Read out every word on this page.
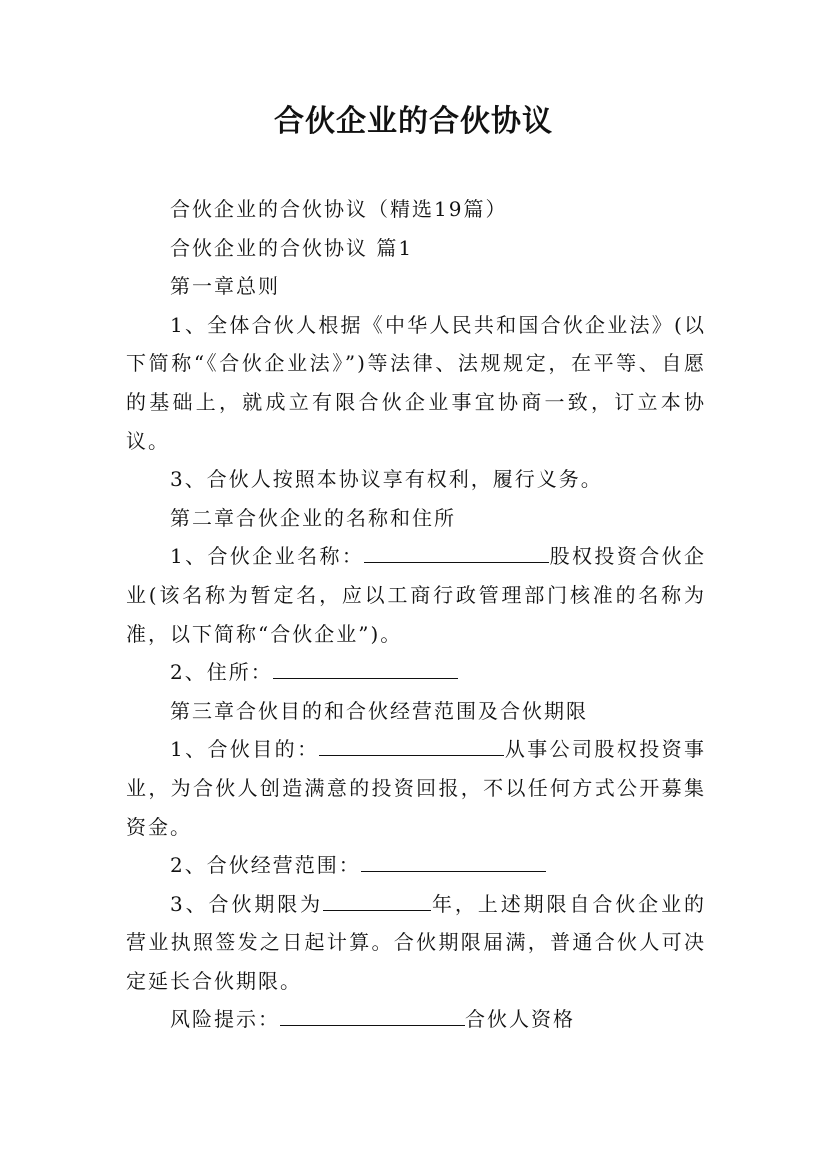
合伙企业的合伙协议

合伙企业的合伙协议（精选19篇）

合伙企业的合伙协议 篇1

第一章总则

1、全体合伙人根据《中华人民共和国合伙企业法》(以下简称“《合伙企业法》”)等法律、法规规定，在平等、自愿的基础上，就成立有限合伙企业事宜协商一致，订立本协议。

3、合伙人按照本协议享有权利，履行义务。

第二章合伙企业的名称和住所

1、合伙企业名称：	股权投资合伙企业(该名称为暂定名，应以工商行政管理部门核准的名称为准，以下简称“合伙企业”)。

2、住所：

第三章合伙目的和合伙经营范围及合伙期限

1、合伙目的：	从事公司股权投资事业，为合伙人创造满意的投资回报，不以任何方式公开募集资金。

2、合伙经营范围：

3、合伙期限为	年，上述期限自合伙企业的营业执照签发之日起计算。合伙期限届满，普通合伙人可决定延长合伙期限。

风险提示：	合伙人资格
